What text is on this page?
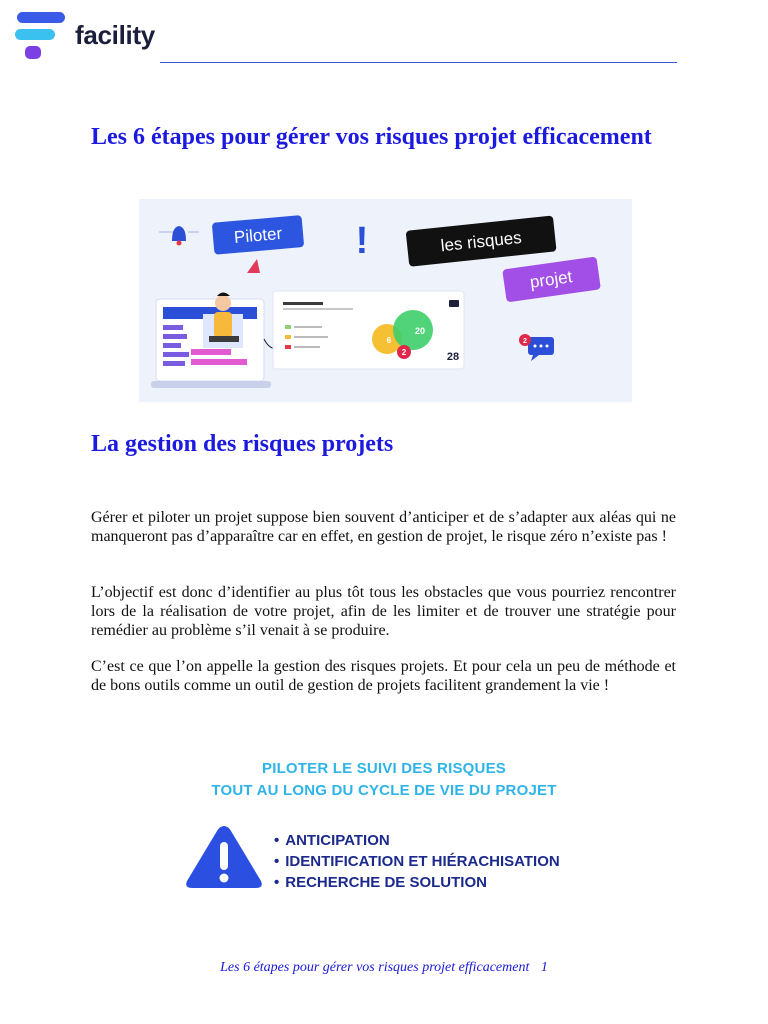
facility
Les 6 étapes pour gérer vos risques projet efficacement
Piloter !	les risques
projet
20
6
2	28
2
La gestion des risques projets

Gérer et piloter un projet suppose bien souvent d’anticiper et de s’adapter aux aléas qui ne manqueront pas d’apparaître car en effet, en gestion de projet, le risque zéro n’existe pas !

L’objectif est donc d’identifier au plus tôt tous les obstacles que vous pourriez rencontrer lors de la réalisation de votre projet, afin de les limiter et de trouver une stratégie pour remédier au problème s’il venait à se produire.

C’est ce que l’on appelle la gestion des risques projets. Et pour cela un peu de méthode et de bons outils comme un outil de gestion de projets facilitent grandement la vie !

PILOTER LE SUIVI DES RISQUES
TOUT AU LONG DU CYCLE DE VIE DU PROJET
• ANTICIPATION
• IDENTIFICATION ET HIÉRACHISATION
• RECHERCHE DE SOLUTION
Les 6 étapes pour gérer vos risques projet efficacement 1
